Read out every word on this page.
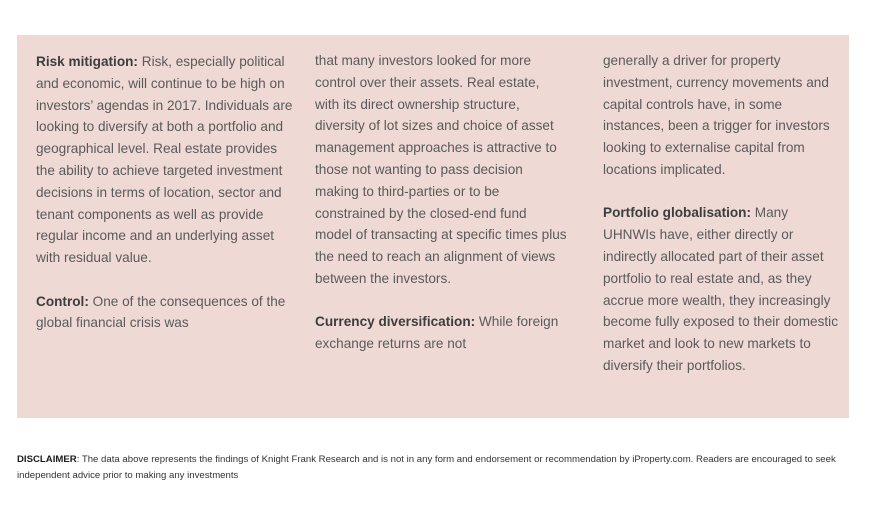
Risk mitigation: Risk, especially political and economic, will continue to be high on investors’ agendas in 2017. Individuals are looking to diversify at both a portfolio and geographical level. Real estate provides the ability to achieve targeted investment decisions in terms of location, sector and tenant components as well as provide regular income and an underlying asset with residual value.

Control: One of the consequences of the global financial crisis was

that many investors looked for more control over their assets. Real estate, with its direct ownership structure, diversity of lot sizes and choice of asset management approaches is attractive to those not wanting to pass decision making to third-parties or to be constrained by the closed-end fund model of transacting at specific times plus the need to reach an alignment of views between the investors.

Currency diversification: While foreign exchange returns are not

generally a driver for property investment, currency movements and capital controls have, in some instances, been a trigger for investors looking to externalise capital from locations implicated.

Portfolio globalisation: Many UHNWIs have, either directly or indirectly allocated part of their asset portfolio to real estate and, as they accrue more wealth, they increasingly become fully exposed to their domestic market and look to new markets to diversify their portfolios.

DISCLAIMER: The data above represents the findings of Knight Frank Research and is not in any form and endorsement or recommendation by iProperty.com. Readers are encouraged to seek independent advice prior to making any investments
